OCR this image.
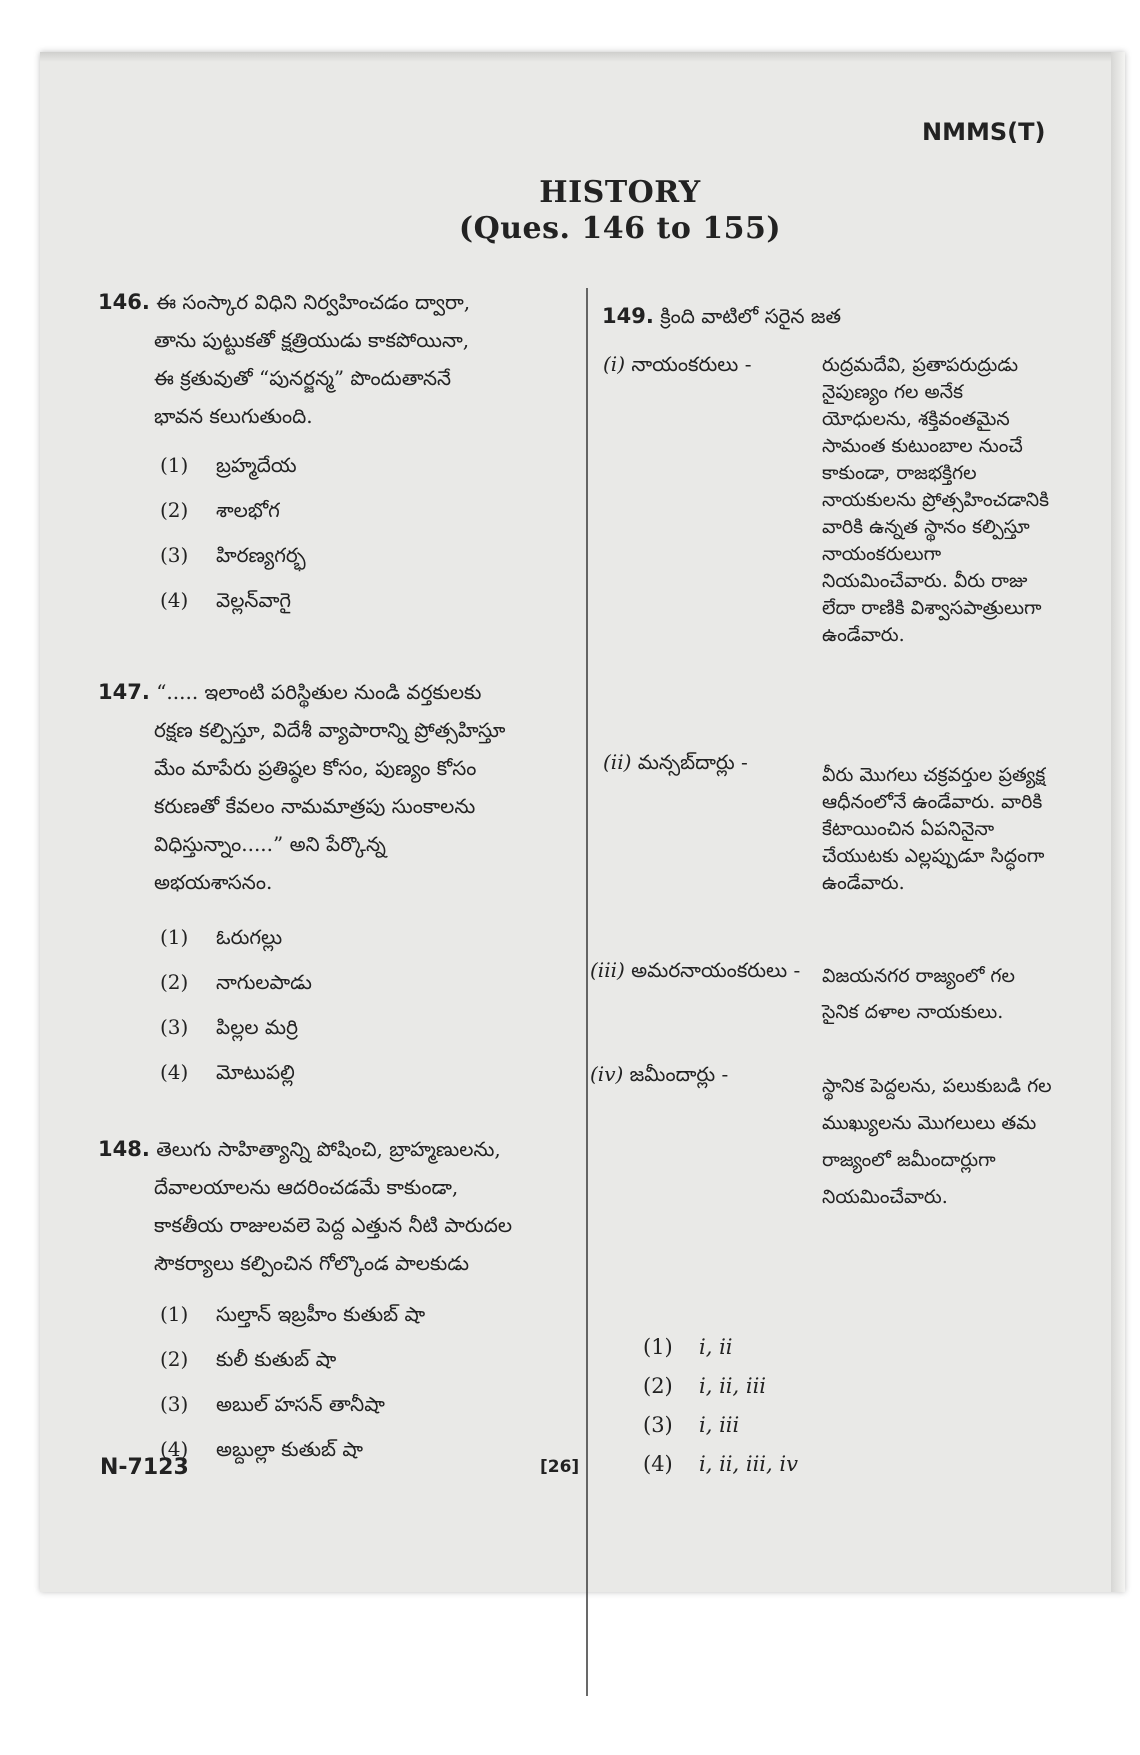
NMMS(T)
HISTORY
(Ques. 146 to 155)
146. ఈ సంస్కార విధిని నిర్వహించడం ద్వారా,
తాను పుట్టుకతో క్షత్రియుడు కాకపోయినా,
ఈ క్రతువుతో “పునర్జన్మ” పొందుతాననే
భావన కలుగుతుంది.
(1) బ్రహ్మదేయ
(2) శాలభోగ
(3) హిరణ్యగర్భ
(4) వెల్లన్‌వాగై
147. “..... ఇలాంటి పరిస్థితుల నుండి వర్తకులకు
రక్షణ కల్పిస్తూ, విదేశీ వ్యాపారాన్ని ప్రోత్సహిస్తూ
మేం మాపేరు ప్రతిష్ఠల కోసం, పుణ్యం కోసం
కరుణతో కేవలం నామమాత్రపు సుంకాలను
విధిస్తున్నాం.....” అని పేర్కొన్న
అభయశాసనం.
(1) ఓరుగల్లు
(2) నాగులపాడు
(3) పిల్లల మర్రి
(4) మోటుపల్లి
148. తెలుగు సాహిత్యాన్ని పోషించి, బ్రాహ్మణులను,
దేవాలయాలను ఆదరించడమే కాకుండా,
కాకతీయ రాజులవలె పెద్ద ఎత్తున నీటి పారుదల
సౌకర్యాలు కల్పించిన గోల్కొండ పాలకుడు
(1) సుల్తాన్ ఇబ్రహీం కుతుబ్ షా
(2) కులీ కుతుబ్ షా
(3) అబుల్ హసన్ తానీషా
(4) అబ్దుల్లా కుతుబ్ షా
149. క్రింది వాటిలో సరైన జత
(i) నాయంకరులు -	రుద్రమదేవి, ప్రతాపరుద్రుడు నైపుణ్యం గల అనేక యోధులను, శక్తివంతమైన సామంత కుటుంబాల నుంచే కాకుండా, రాజభక్తిగల నాయకులను ప్రోత్సహించడానికి వారికి ఉన్నత స్థానం కల్పిస్తూ నాయంకరులుగా నియమించేవారు. వీరు రాజు లేదా రాణికి విశ్వాసపాత్రులుగా ఉండేవారు.
(ii) మన్సబ్‌దార్లు -
వీరు మొగలు చక్రవర్తుల ప్రత్యక్ష ఆధీనంలోనే ఉండేవారు. వారికి కేటాయించిన ఏపనినైనా చేయుటకు ఎల్లప్పుడూ సిద్ధంగా ఉండేవారు.
(iii) అమరనాయంకరులు - విజయనగర రాజ్యంలో గల సైనిక దళాల నాయకులు.
(iv) జమీందార్లు -	స్థానిక పెద్దలను, పలుకుబడి గల ముఖ్యులను మొగలులు తమ రాజ్యంలో జమీందార్లుగా నియమించేవారు.
(1) i, ii
(2) i, ii, iii
(3) i, iii
(4) i, ii, iii, iv
N-7123	[26]
